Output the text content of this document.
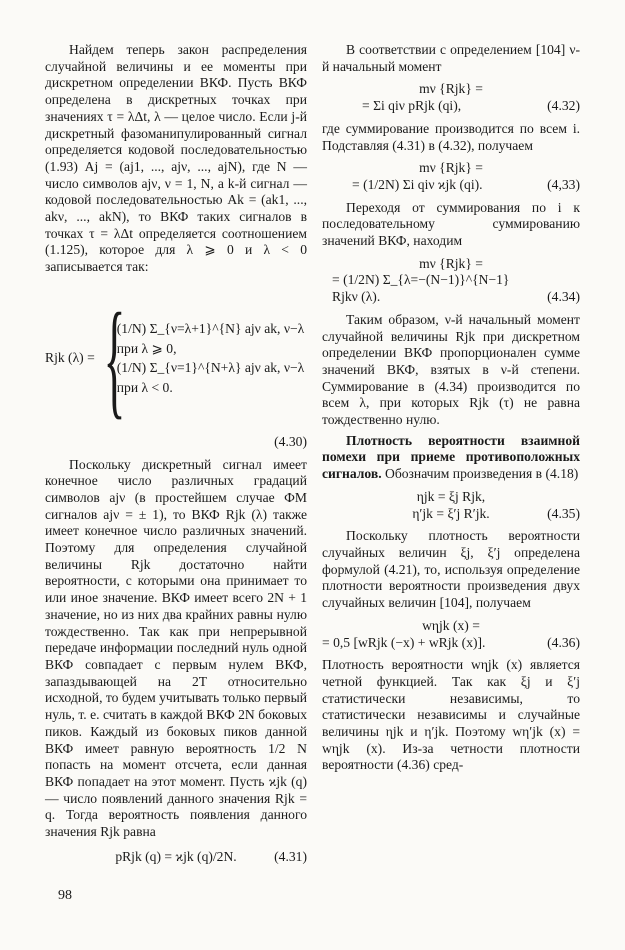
Найдем теперь закон распределения случайной величины и ее моменты при дискретном определении ВКФ. Пусть ВКФ определена в дискретных точках при значениях τ = λΔt, λ — целое число. Если j-й дискретный фазоманипулированный сигнал определяется кодовой последовательностью (1.93) Aj = (aj1, ..., ajν, ..., ajN), где N — число символов ajν, ν = 1, N, а k-й сигнал — кодовой последовательностью Ak = (ak1, ..., akν, ..., akN), то ВКФ таких сигналов в точках τ = λΔt определяется соотношением (1.125), которое для λ ⩾ 0 и λ < 0 записывается так:

Rjk (λ) = {
(1/N) Σ_{ν=λ+1}^{N} ajν ak, ν−λ
при λ ⩾ 0,
(1/N) Σ_{ν=1}^{N+λ} ajν ak, ν−λ
при λ < 0.
(4.30)

Поскольку дискретный сигнал имеет конечное число различных градаций символов ajν (в простейшем случае ФМ сигналов ajν = ± 1), то ВКФ Rjk (λ) также имеет конечное число различных значений. Поэтому для определения случайной величины Rjk достаточно найти вероятности, с которыми она принимает то или иное значение. ВКФ имеет всего 2N + 1 значение, но из них два крайних равны нулю тождественно. Так как при непрерывной передаче информации последний нуль одной ВКФ совпадает с первым нулем ВКФ, запаздывающей на 2T относительно исходной, то будем учитывать только первый нуль, т. е. считать в каждой ВКФ 2N боковых пиков. Каждый из боковых пиков данной ВКФ имеет равную вероятность 1/2 N попасть на момент отсчета, если данная ВКФ попадает на этот момент. Пусть ϰjk (q) — число появлений данного значения Rjk = q. Тогда вероятность появления данного значения Rjk равна

pRjk (q) = ϰjk (q)/2N.	(4.31)

В соответствии с определением [104] ν-й начальный момент

mν {Rjk} =
= Σi qiν pRjk (qi),	(4.32)

где суммирование производится по всем i. Подставляя (4.31) в (4.32), получаем

mν {Rjk} =
= (1/2N) Σi qiν ϰjk (qi).	(4,33)

Переходя от суммирования по i к последовательному суммированию значений ВКФ, находим

mν {Rjk} =
= (1/2N) Σ_{λ=−(N−1)}^{N−1} Rjkν (λ).	(4.34)

Таким образом, ν-й начальный момент случайной величины Rjk при дискретном определении ВКФ пропорционален сумме значений ВКФ, взятых в ν-й степени. Суммирование в (4.34) производится по всем λ, при которых Rjk (τ) не равна тождественно нулю.

Плотность вероятности взаимной помехи при приеме противоположных сигналов. Обозначим произведения в (4.18)

ηjk = ξj Rjk,
η′jk = ξ′j R′jk.	(4.35)

Поскольку плотность вероятности случайных величин ξj, ξ′j определена формулой (4.21), то, используя определение плотности вероятности произведения двух случайных величин [104], получаем

wηjk (x) =
= 0,5 [wRjk (−x) + wRjk (x)].	(4.36)

Плотность вероятности wηjk (x) является четной функцией. Так как ξj и ξ′j статистически независимы, то статистически независимы и случайные величины ηjk и η′jk. Поэтому wη′jk (x) = wηjk (x). Из-за четности плотности вероятности (4.36) сред-

98
